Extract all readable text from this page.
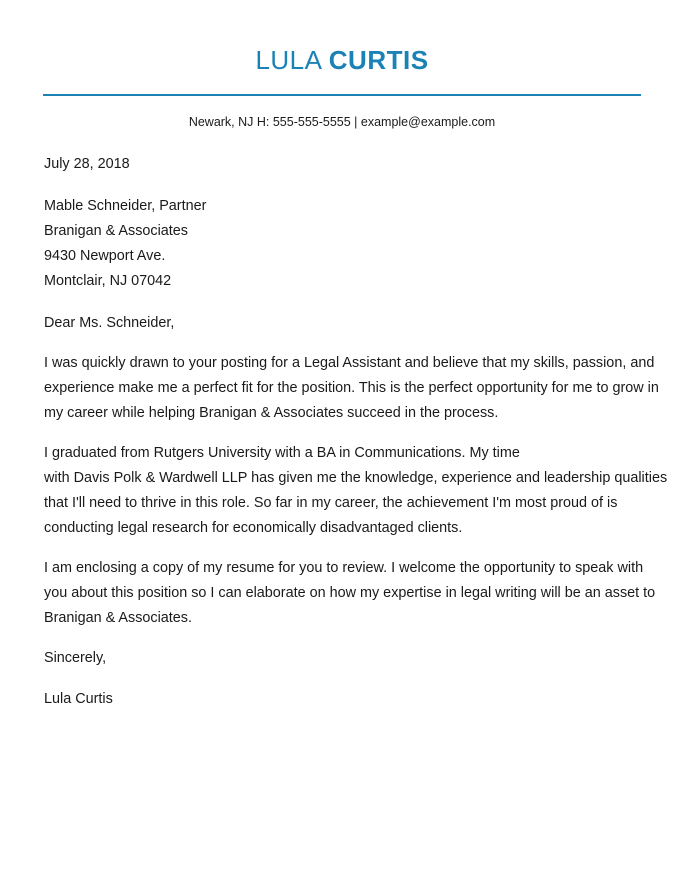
LULA CURTIS
Newark, NJ H: 555-555-5555 | example@example.com

July 28, 2018

Mable Schneider, Partner

Branigan & Associates

9430 Newport Ave.

Montclair, NJ 07042

Dear Ms. Schneider,

I was quickly drawn to your posting for a Legal Assistant and believe that my skills, passion, and
experience make me a perfect fit for the position. This is the perfect opportunity for me to grow in
my career while helping Branigan & Associates succeed in the process.
I graduated from Rutgers University with a BA in Communications. My time
with Davis Polk & Wardwell LLP has given me the knowledge, experience and leadership qualities
that I'll need to thrive in this role. So far in my career, the achievement I'm most proud of is
conducting legal research for economically disadvantaged clients.
I am enclosing a copy of my resume for you to review. I welcome the opportunity to speak with
you about this position so I can elaborate on how my expertise in legal writing will be an asset to
Branigan & Associates.

Sincerely,

Lula Curtis
